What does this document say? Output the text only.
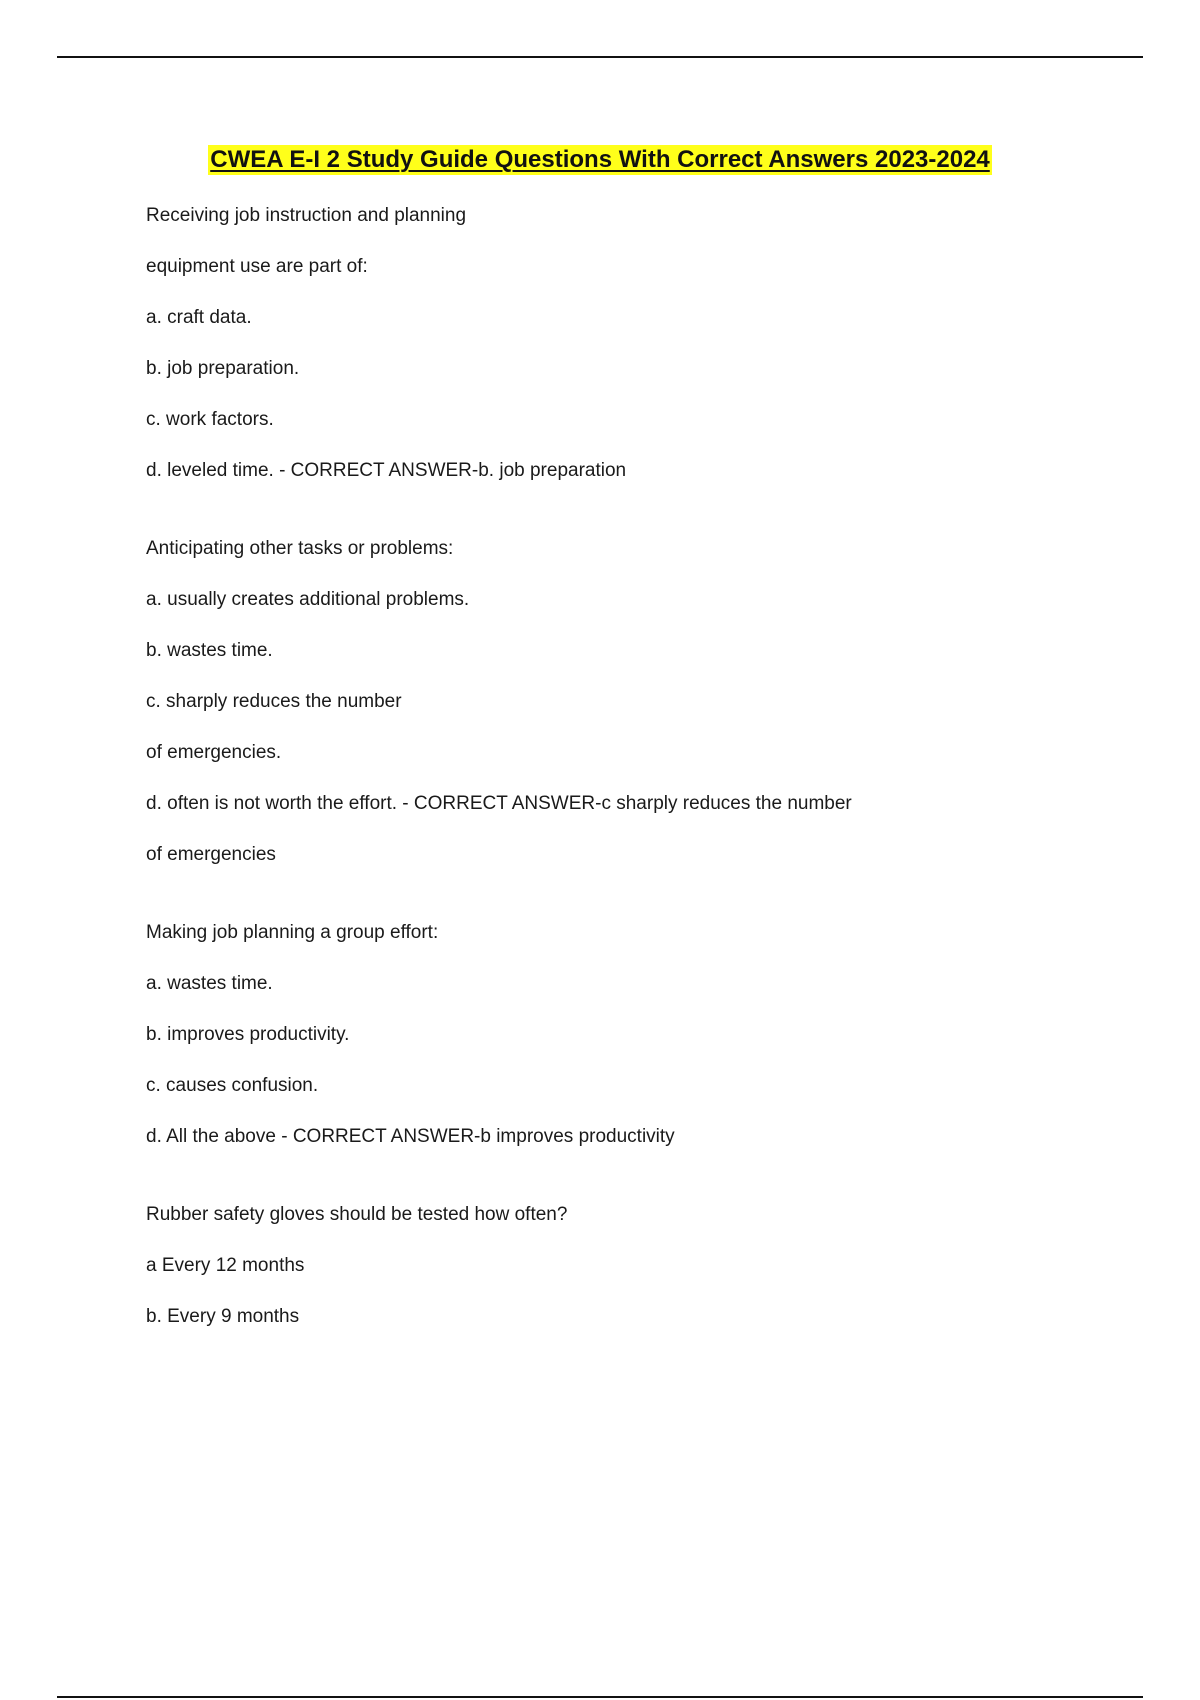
CWEA E-I 2 Study Guide Questions With Correct Answers 2023-2024
Receiving job instruction and planning
equipment use are part of:
a. craft data.
b. job preparation.
c. work factors.
d. leveled time. - CORRECT ANSWER-b. job preparation
Anticipating other tasks or problems:
a. usually creates additional problems.
b. wastes time.
c. sharply reduces the number
of emergencies.
d. often is not worth the effort. - CORRECT ANSWER-c sharply reduces the number
of emergencies
Making job planning a group effort:
a. wastes time.
b. improves productivity.
c. causes confusion.
d. All the above - CORRECT ANSWER-b improves productivity
Rubber safety gloves should be tested how often?
a Every 12 months
b. Every 9 months
